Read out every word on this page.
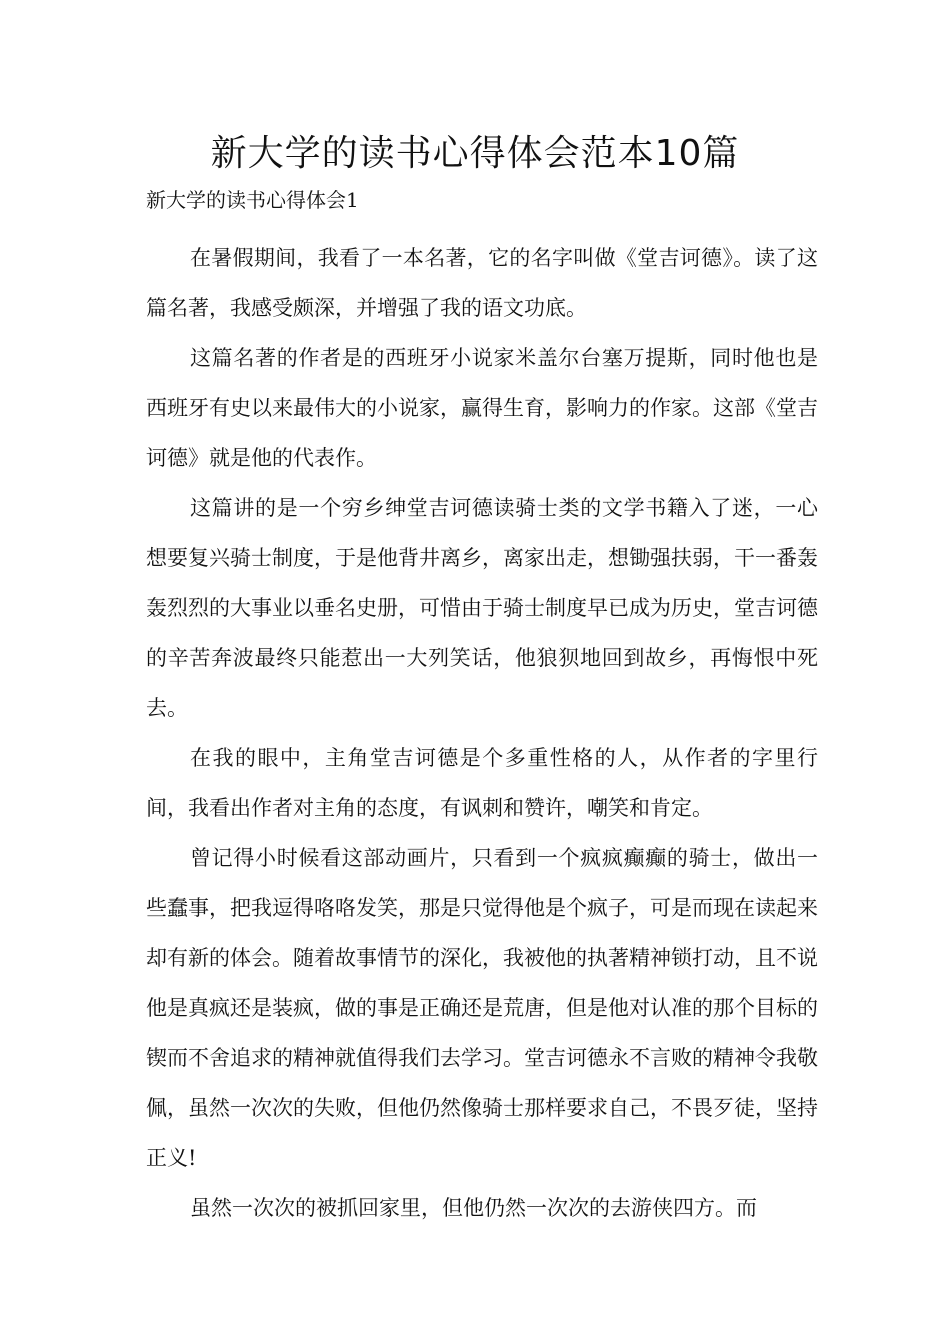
新大学的读书心得体会范本10篇
新大学的读书心得体会1

在暑假期间，我看了一本名著，它的名字叫做《堂吉诃德》。读了这篇名著，我感受颇深，并增强了我的语文功底。

这篇名著的作者是的西班牙小说家米盖尔台塞万提斯，同时他也是西班牙有史以来最伟大的小说家，赢得生育，影响力的作家。这部《堂吉诃德》就是他的代表作。

这篇讲的是一个穷乡绅堂吉诃德读骑士类的文学书籍入了迷，一心想要复兴骑士制度，于是他背井离乡，离家出走，想锄强扶弱，干一番轰轰烈烈的大事业以垂名史册，可惜由于骑士制度早已成为历史，堂吉诃德的辛苦奔波最终只能惹出一大列笑话，他狼狈地回到故乡，再悔恨中死去。

在我的眼中，主角堂吉诃德是个多重性格的人，从作者的字里行间，我看出作者对主角的态度，有讽刺和赞许，嘲笑和肯定。

曾记得小时候看这部动画片，只看到一个疯疯癫癫的骑士，做出一些蠢事，把我逗得咯咯发笑，那是只觉得他是个疯子，可是而现在读起来却有新的体会。随着故事情节的深化，我被他的执著精神锁打动，且不说他是真疯还是装疯，做的事是正确还是荒唐，但是他对认准的那个目标的锲而不舍追求的精神就值得我们去学习。堂吉诃德永不言败的精神令我敬佩，虽然一次次的失败，但他仍然像骑士那样要求自己，不畏歹徒，坚持正义!

虽然一次次的被抓回家里，但他仍然一次次的去游侠四方。而
